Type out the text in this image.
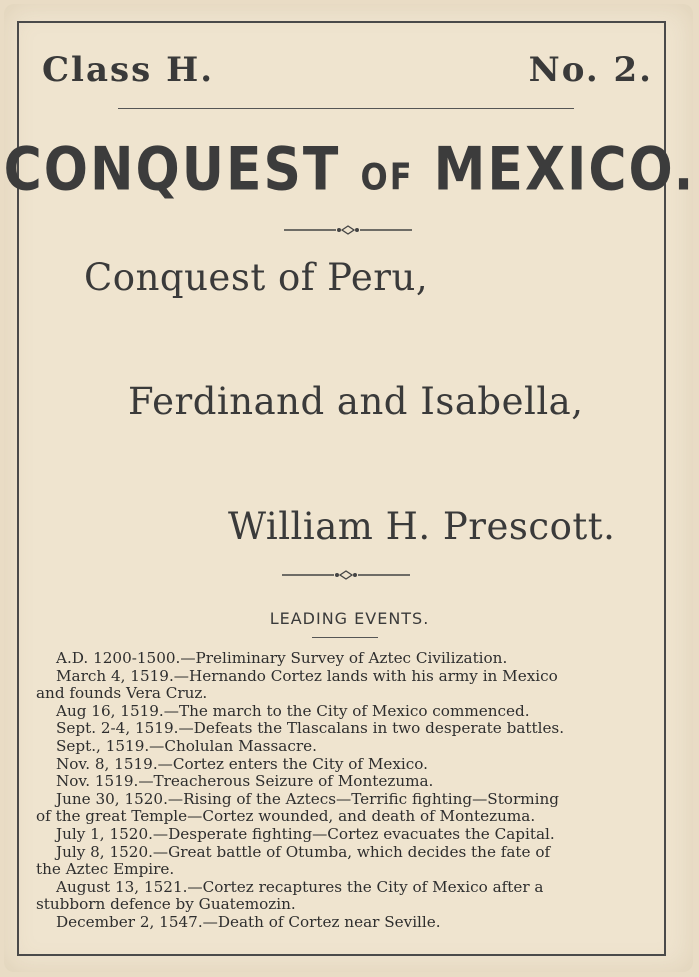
Class H.	No. 2.
CONQUEST OF MEXICO.
Conquest of Peru,
Ferdinand and Isabella,
William H. Prescott.
LEADING EVENTS.
A.D. 1200-1500.—Preliminary Survey of Aztec Civilization.
March 4, 1519.—Hernando Cortez lands with his army in Mexico
and founds Vera Cruz.
Aug 16, 1519.—The march to the City of Mexico commenced.
Sept. 2-4, 1519.—Defeats the Tlascalans in two desperate battles.
Sept., 1519.—Cholulan Massacre.
Nov. 8, 1519.—Cortez enters the City of Mexico.
Nov. 1519.—Treacherous Seizure of Montezuma.
June 30, 1520.—Rising of the Aztecs—Terrific fighting—Storming
of the great Temple—Cortez wounded, and death of Montezuma.
July 1, 1520.—Desperate fighting—Cortez evacuates the Capital.
July 8, 1520.—Great battle of Otumba, which decides the fate of
the Aztec Empire.
August 13, 1521.—Cortez recaptures the City of Mexico after a
stubborn defence by Guatemozin.
December 2, 1547.—Death of Cortez near Seville.
